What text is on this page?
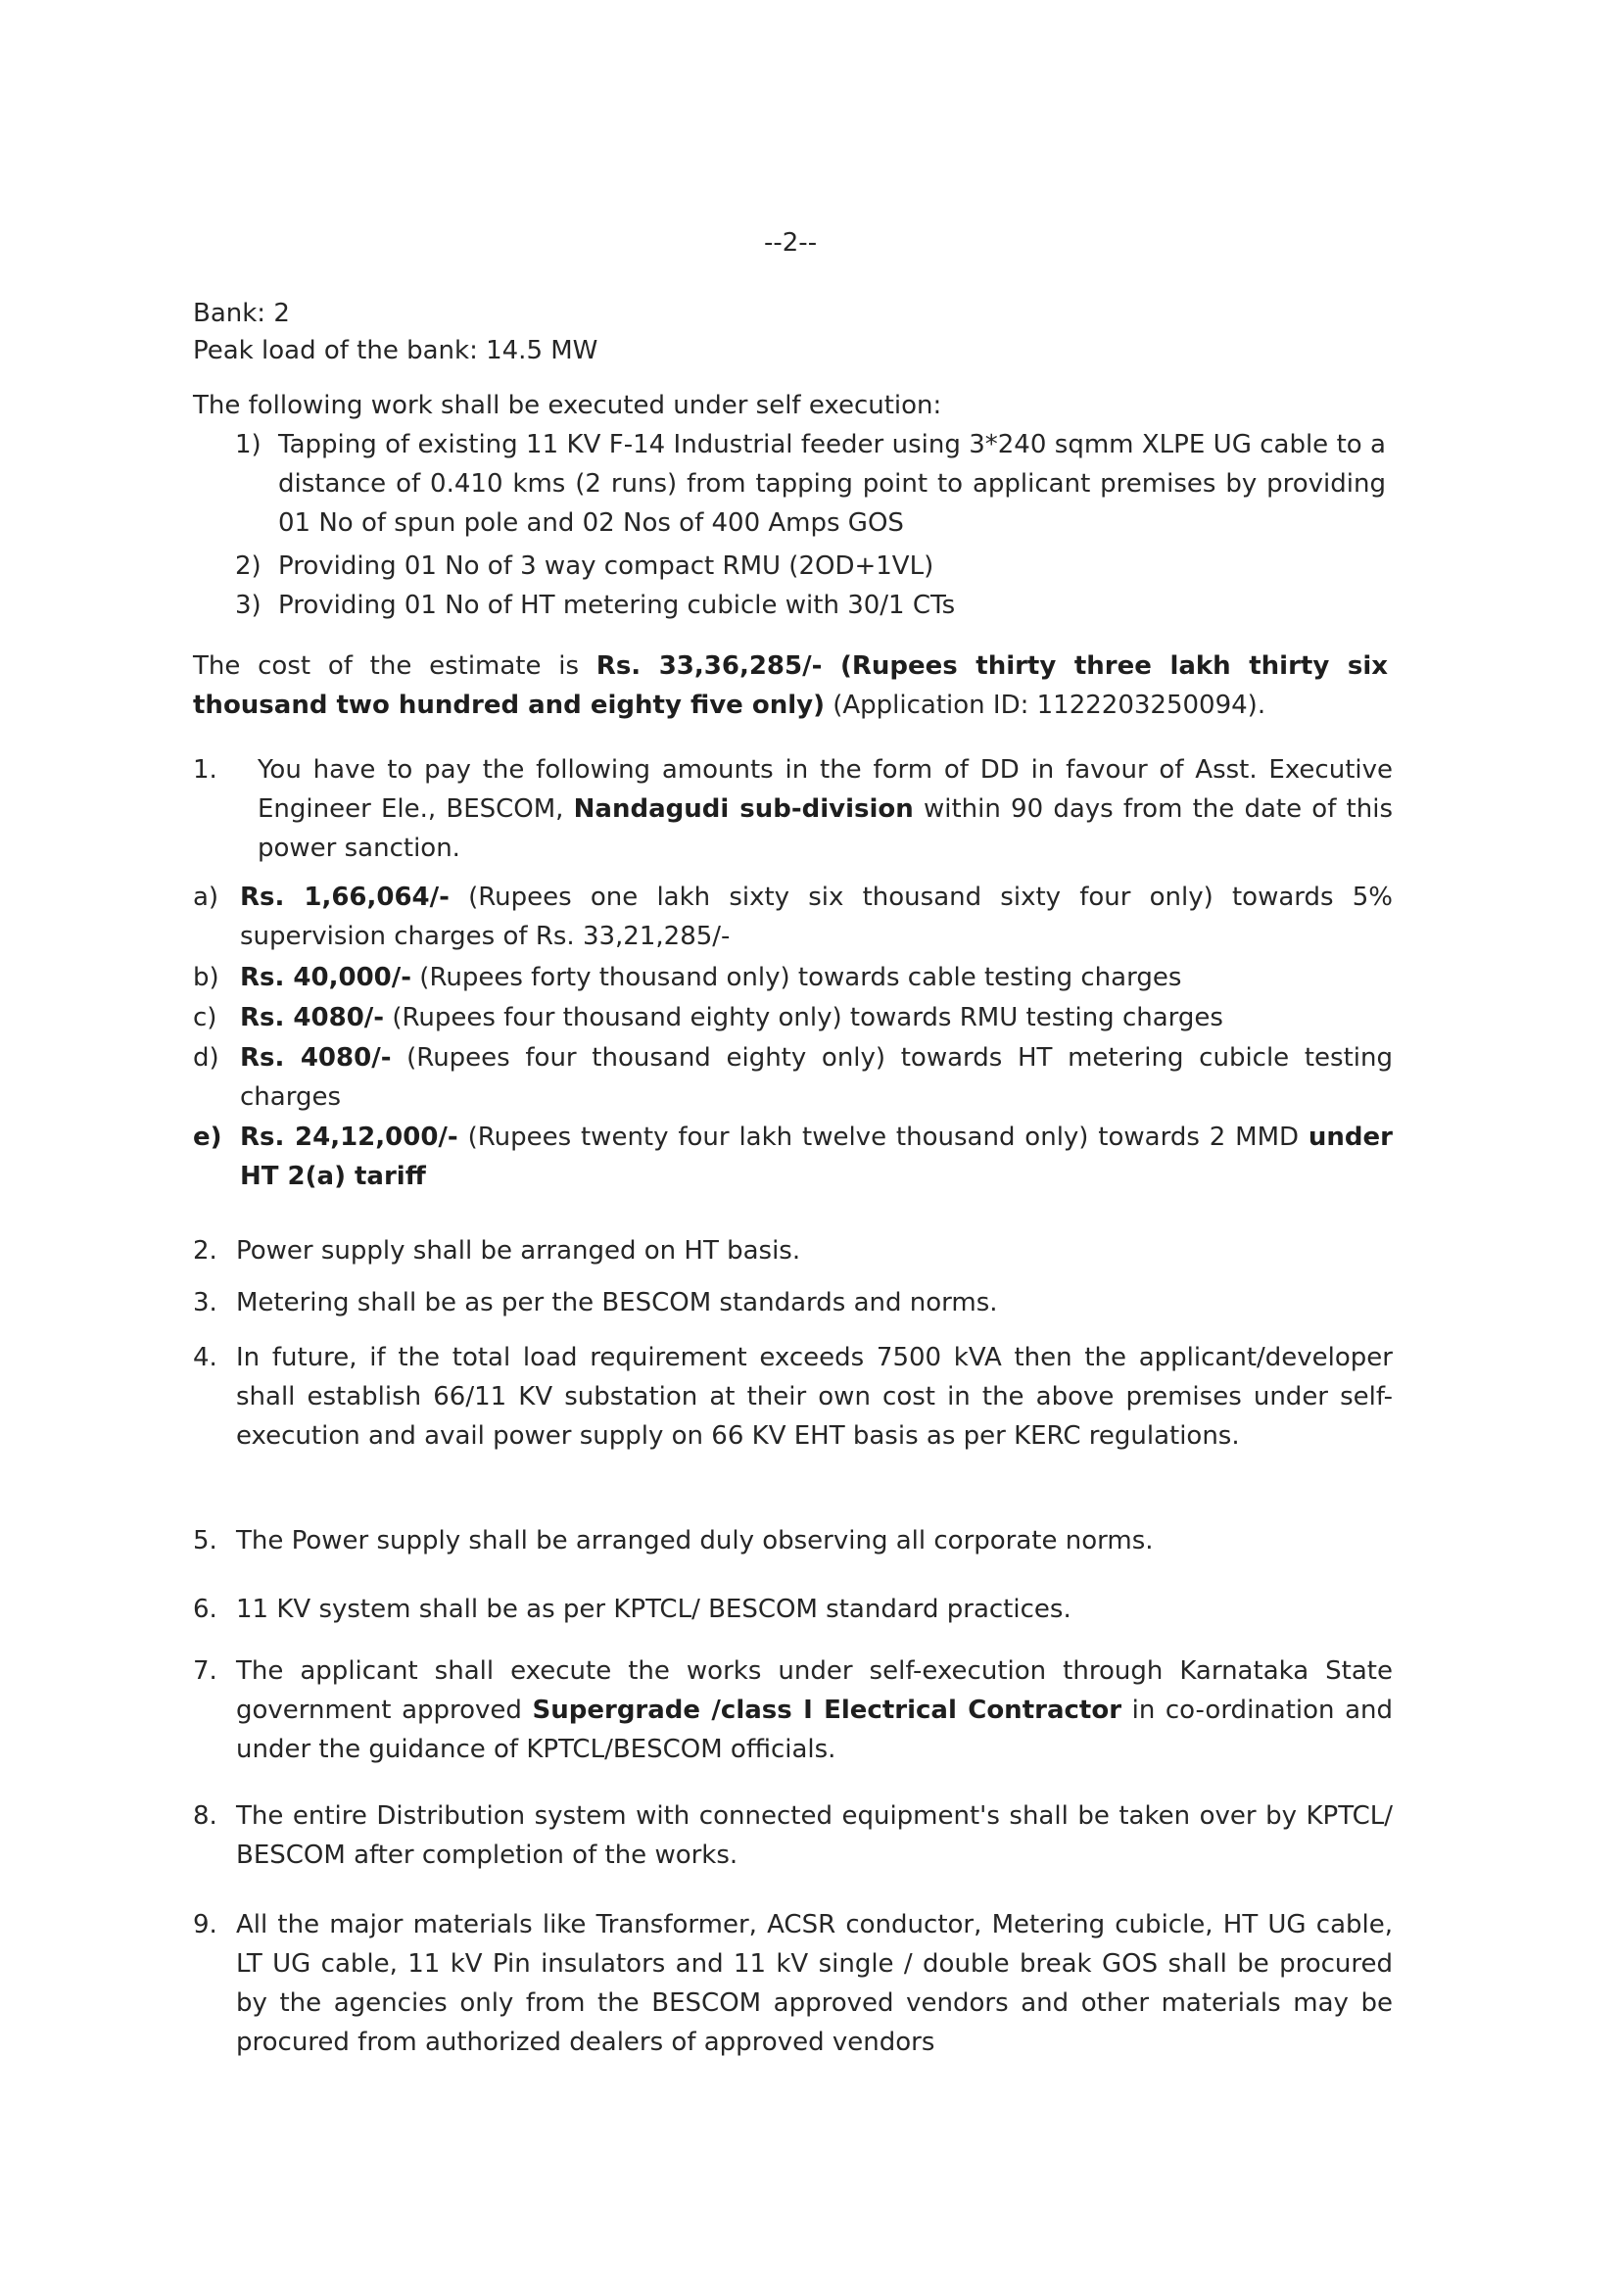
--2--
Bank: 2
Peak load of the bank: 14.5 MW
The following work shall be executed under self execution:
1) Tapping of existing 11 KV F-14 Industrial feeder using 3*240 sqmm XLPE UG cable to a distance of 0.410 kms (2 runs) from tapping point to applicant premises by providing 01 No of spun pole and 02 Nos of 400 Amps GOS
2) Providing 01 No of 3 way compact RMU (2OD+1VL)
3) Providing 01 No of HT metering cubicle with 30/1 CTs
The cost of the estimate is Rs. 33,36,285/- (Rupees thirty three lakh thirty six thousand two hundred and eighty five only) (Application ID: 1122203250094).
1. You have to pay the following amounts in the form of DD in favour of Asst. Executive Engineer Ele., BESCOM, Nandagudi sub-division within 90 days from the date of this power sanction.
a) Rs. 1,66,064/- (Rupees one lakh sixty six thousand sixty four only) towards 5% supervision charges of Rs. 33,21,285/-
b) Rs. 40,000/- (Rupees forty thousand only) towards cable testing charges
c) Rs. 4080/- (Rupees four thousand eighty only) towards RMU testing charges
d) Rs. 4080/- (Rupees four thousand eighty only) towards HT metering cubicle testing charges
e) Rs. 24,12,000/- (Rupees twenty four lakh twelve thousand only) towards 2 MMD under HT 2(a) tariff
2. Power supply shall be arranged on HT basis.
3. Metering shall be as per the BESCOM standards and norms.
4. In future, if the total load requirement exceeds 7500 kVA then the applicant/developer shall establish 66/11 KV substation at their own cost in the above premises under self-execution and avail power supply on 66 KV EHT basis as per KERC regulations.
5. The Power supply shall be arranged duly observing all corporate norms.
6. 11 KV system shall be as per KPTCL/ BESCOM standard practices.
7. The applicant shall execute the works under self-execution through Karnataka State government approved Supergrade /class I Electrical Contractor in co-ordination and under the guidance of KPTCL/BESCOM officials.
8. The entire Distribution system with connected equipment's shall be taken over by KPTCL/ BESCOM after completion of the works.
9. All the major materials like Transformer, ACSR conductor, Metering cubicle, HT UG cable, LT UG cable, 11 kV Pin insulators and 11 kV single / double break GOS shall be procured by the agencies only from the BESCOM approved vendors and other materials may be procured from authorized dealers of approved vendors
